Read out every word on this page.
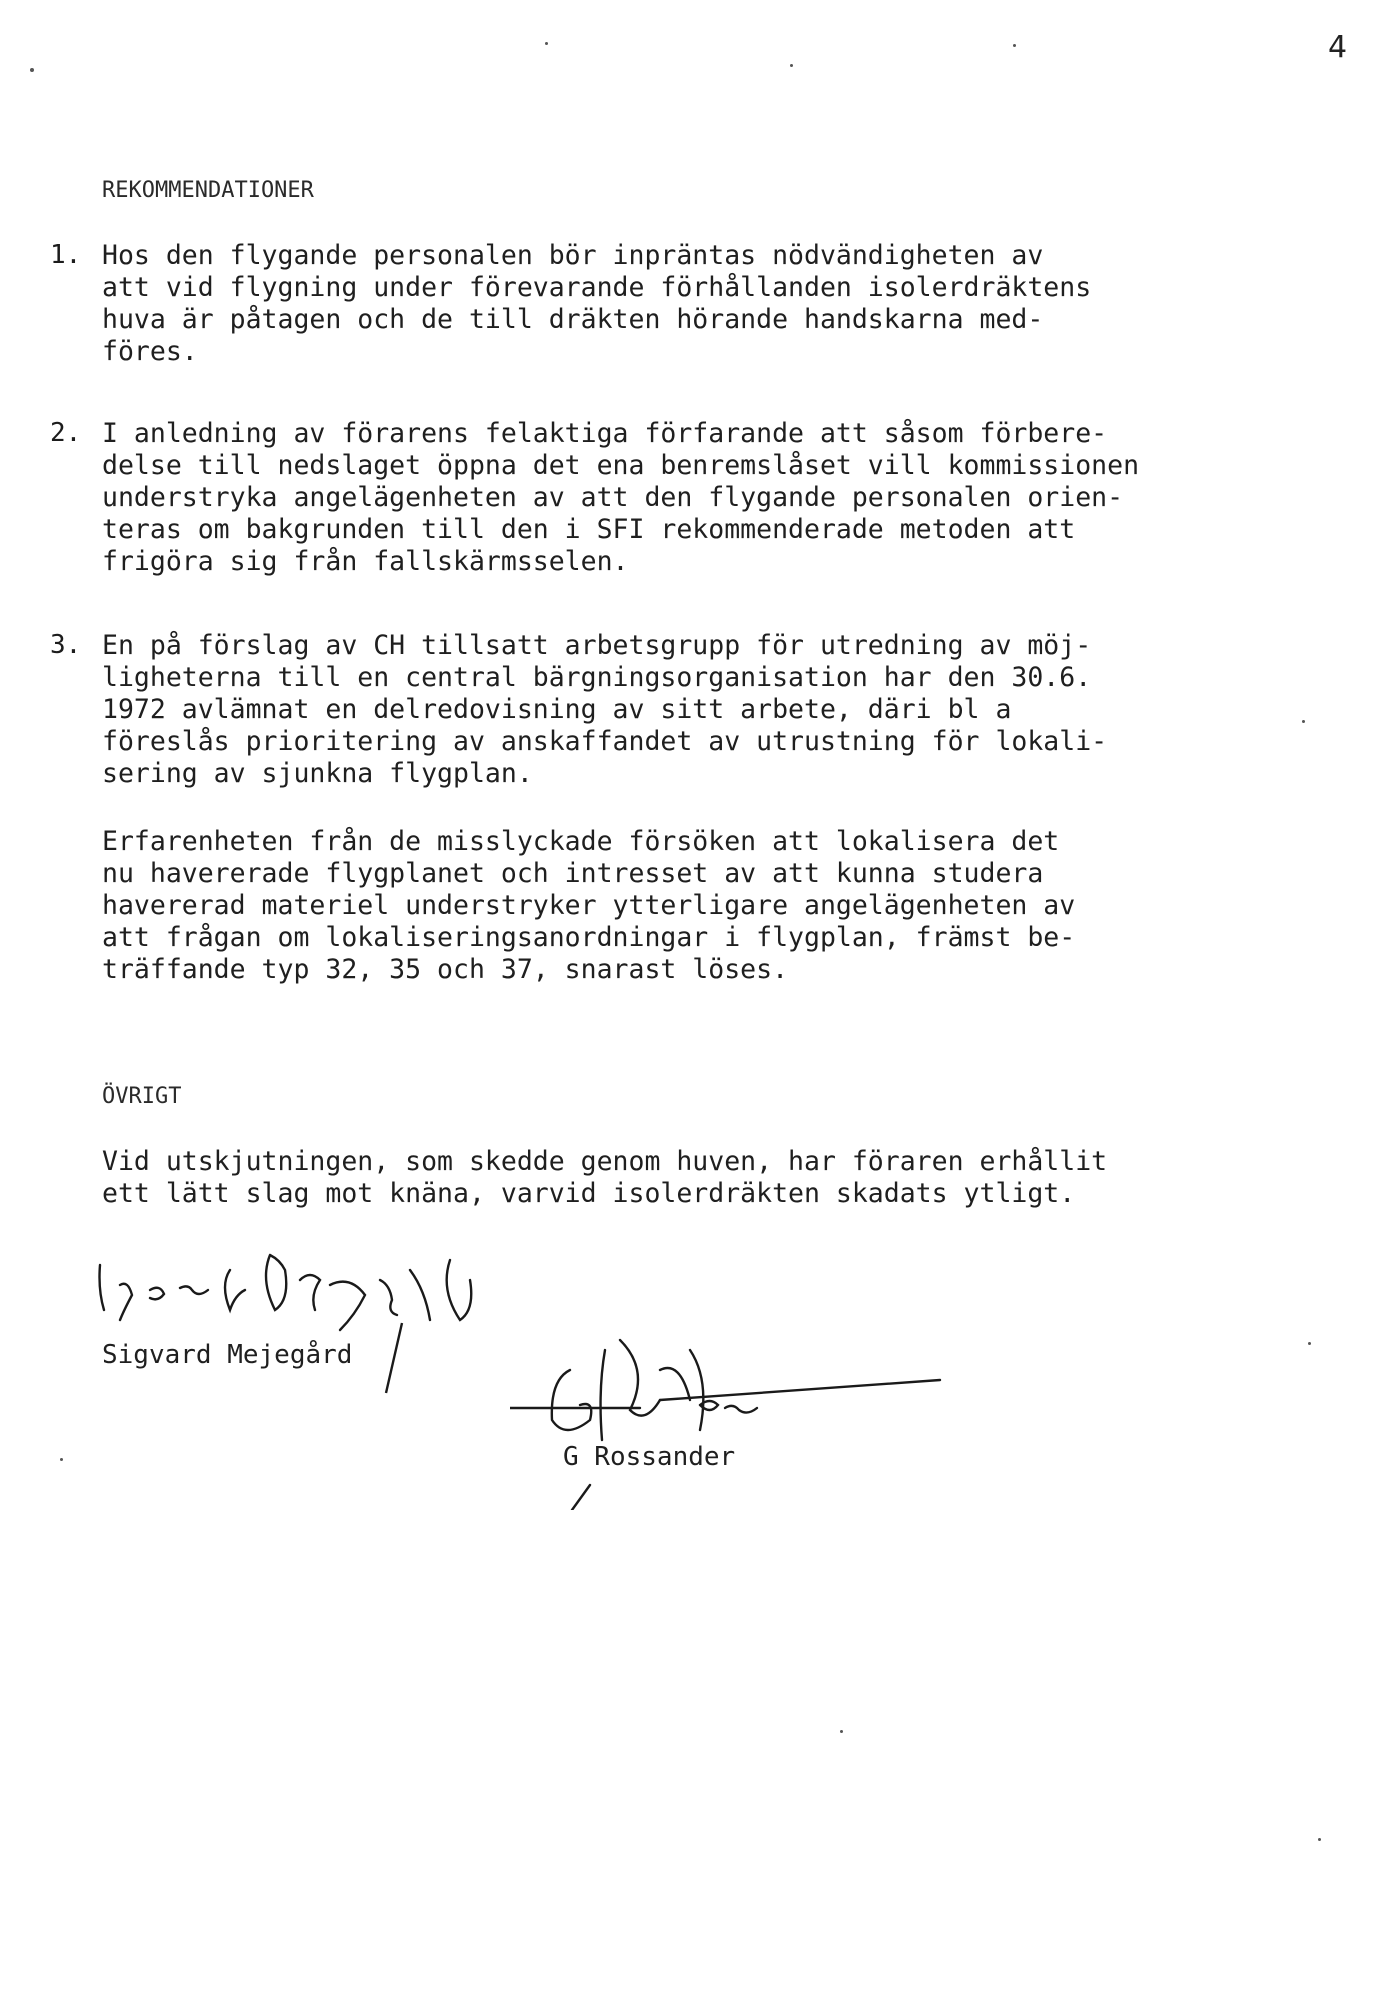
4
REKOMMENDATIONER
1. Hos den flygande personalen bör inpräntas nödvändigheten av
att vid flygning under förevarande förhållanden isolerdräktens
huva är påtagen och de till dräkten hörande handskarna med-
föres.
2. I anledning av förarens felaktiga förfarande att såsom förbere-
delse till nedslaget öppna det ena benremslåset vill kommissionen
understryka angelägenheten av att den flygande personalen orien-
teras om bakgrunden till den i SFI rekommenderade metoden att
frigöra sig från fallskärmsselen.
3. En på förslag av CH tillsatt arbetsgrupp för utredning av möj-
ligheterna till en central bärgningsorganisation har den 30.6.
1972 avlämnat en delredovisning av sitt arbete, däri bl a
föreslås prioritering av anskaffandet av utrustning för lokali-
sering av sjunkna flygplan.
Erfarenheten från de misslyckade försöken att lokalisera det
nu havererade flygplanet och intresset av att kunna studera
havererad materiel understryker ytterligare angelägenheten av
att frågan om lokaliseringsanordningar i flygplan, främst be-
träffande typ 32, 35 och 37, snarast löses.
ÖVRIGT
Vid utskjutningen, som skedde genom huven, har föraren erhållit
ett lätt slag mot knäna, varvid isolerdräkten skadats ytligt.
Sigvard Mejegård
G Rossander
